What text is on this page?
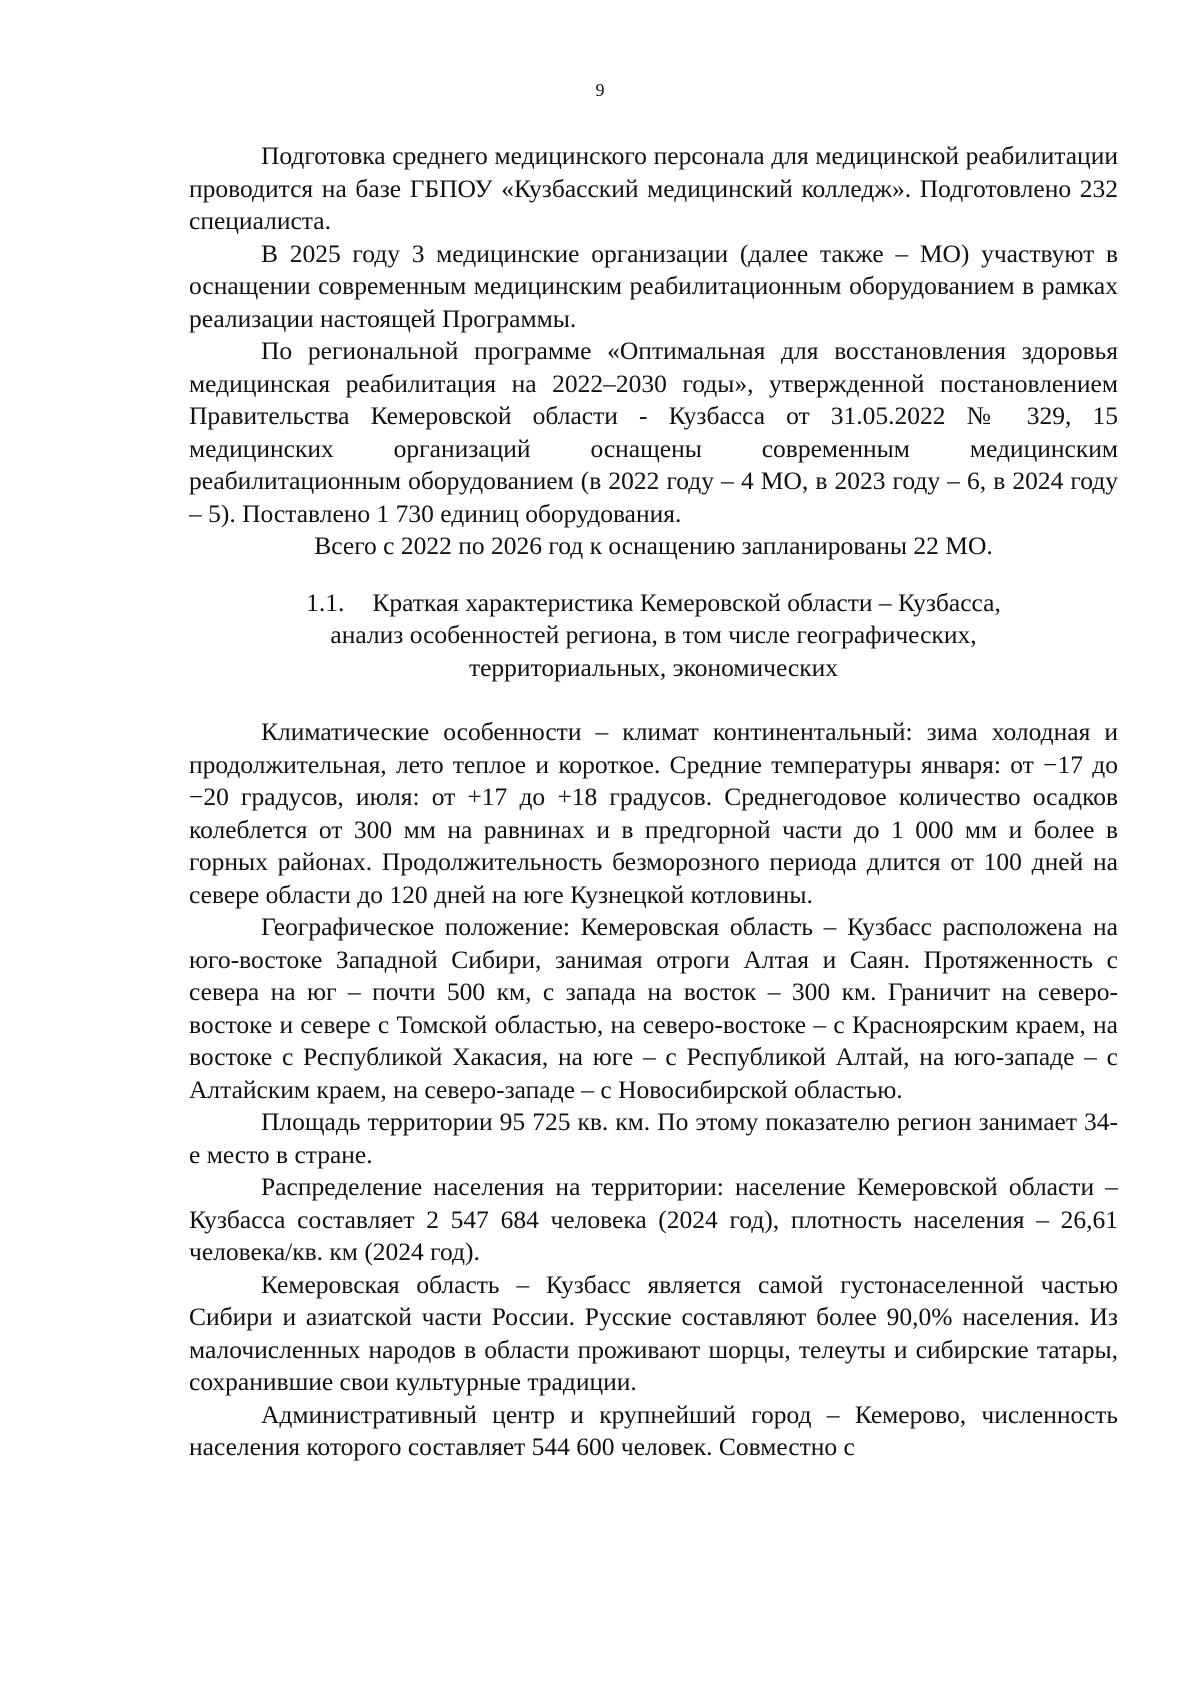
9

Подготовка среднего медицинского персонала для медицинской реабилитации проводится на базе ГБПОУ «Кузбасский медицинский колледж». Подготовлено 232 специалиста.

В 2025 году 3 медицинские организации (далее также – МО) участвуют в оснащении современным медицинским реабилитационным оборудованием в рамках реализации настоящей Программы.

По региональной программе «Оптимальная для восстановления здоровья медицинская реабилитация на 2022–2030 годы», утвержденной постановлением Правительства Кемеровской области - Кузбасса от 31.05.2022 № 329, 15 медицинских организаций оснащены современным медицинским реабилитационным оборудованием (в 2022 году – 4 МО, в 2023 году – 6, в 2024 году – 5). Поставлено 1 730 единиц оборудования.

Всего с 2022 по 2026 год к оснащению запланированы 22 МО.

1.1. Краткая характеристика Кемеровской области – Кузбасса,
анализ особенностей региона, в том числе географических,
территориальных, экономических

Климатические особенности – климат континентальный: зима холодная и продолжительная, лето теплое и короткое. Средние температуры января: от −17 до −20 градусов, июля: от +17 до +18 градусов. Среднегодовое количество осадков колеблется от 300 мм на равнинах и в предгорной части до 1 000 мм и более в горных районах. Продолжительность безморозного периода длится от 100 дней на севере области до 120 дней на юге Кузнецкой котловины.

Географическое положение: Кемеровская область – Кузбасс расположена на юго-востоке Западной Сибири, занимая отроги Алтая и Саян. Протяженность с севера на юг – почти 500 км, с запада на восток – 300 км. Граничит на северо-востоке и севере с Томской областью, на северо-востоке – с Красноярским краем, на востоке с Республикой Хакасия, на юге – с Республикой Алтай, на юго-западе – с Алтайским краем, на северо-западе – с Новосибирской областью.

Площадь территории 95 725 кв. км. По этому показателю регион занимает 34-е место в стране.

Распределение населения на территории: население Кемеровской области – Кузбасса составляет 2 547 684 человека (2024 год), плотность населения – 26,61 человека/кв. км (2024 год).

Кемеровская область – Кузбасс является самой густонаселенной частью Сибири и азиатской части России. Русские составляют более 90,0% населения. Из малочисленных народов в области проживают шорцы, телеуты и сибирские татары, сохранившие свои культурные традиции.

Административный центр и крупнейший город – Кемерово, численность населения которого составляет 544 600 человек. Совместно с
